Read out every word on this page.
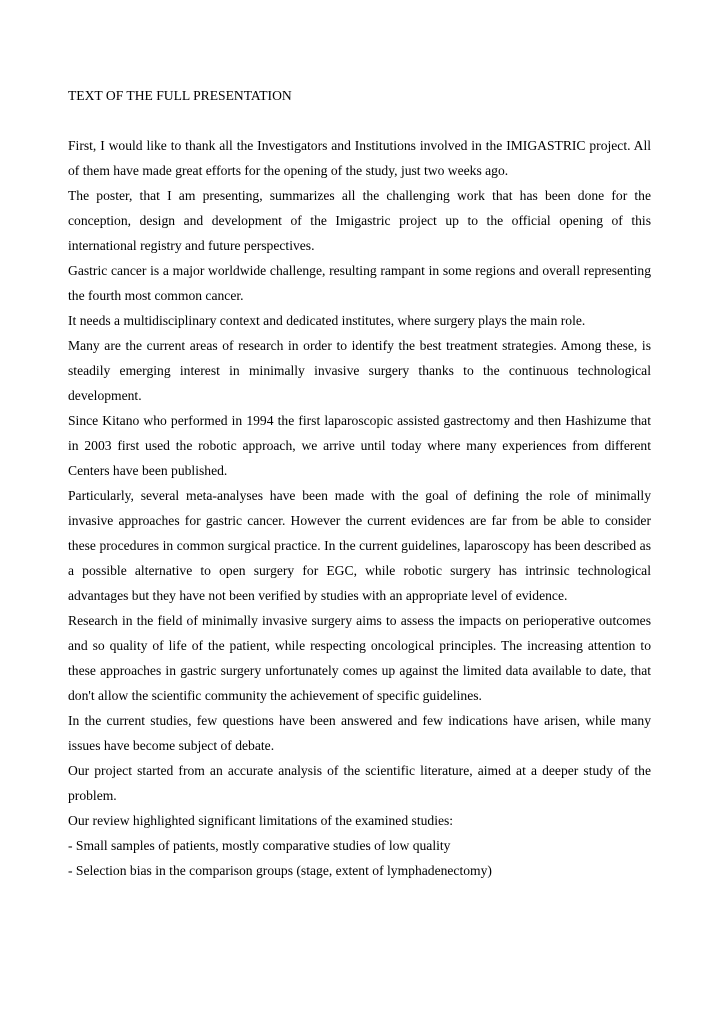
TEXT OF THE FULL PRESENTATION

First, I would like to thank all the Investigators and Institutions involved in the IMIGASTRIC project. All of them have made great efforts for the opening of the study, just two weeks ago.

The poster, that I am presenting, summarizes all the challenging work that has been done for the conception, design and development of the Imigastric project up to the official opening of this international registry and future perspectives.

Gastric cancer is a major worldwide challenge, resulting rampant in some regions and overall representing the fourth most common cancer.

It needs a multidisciplinary context and dedicated institutes, where surgery plays the main role.

Many are the current areas of research in order to identify the best treatment strategies. Among these, is steadily emerging interest in minimally invasive surgery thanks to the continuous technological development.

Since Kitano who performed in 1994 the first laparoscopic assisted gastrectomy and then Hashizume that in 2003 first used the robotic approach, we arrive until today where many experiences from different Centers have been published.

Particularly, several meta-analyses have been made with the goal of defining the role of minimally invasive approaches for gastric cancer. However the current evidences are far from be able to consider these procedures in common surgical practice. In the current guidelines, laparoscopy has been described as a possible alternative to open surgery for EGC, while robotic surgery has intrinsic technological advantages but they have not been verified by studies with an appropriate level of evidence.

Research in the field of minimally invasive surgery aims to assess the impacts on perioperative outcomes and so quality of life of the patient, while respecting oncological principles. The increasing attention to these approaches in gastric surgery unfortunately comes up against the limited data available to date, that don't allow the scientific community the achievement of specific guidelines.

In the current studies, few questions have been answered and few indications have arisen, while many issues have become subject of debate.

Our project started from an accurate analysis of the scientific literature, aimed at a deeper study of the problem.

Our review highlighted significant limitations of the examined studies:

- Small samples of patients, mostly comparative studies of low quality

- Selection bias in the comparison groups (stage, extent of lymphadenectomy)
